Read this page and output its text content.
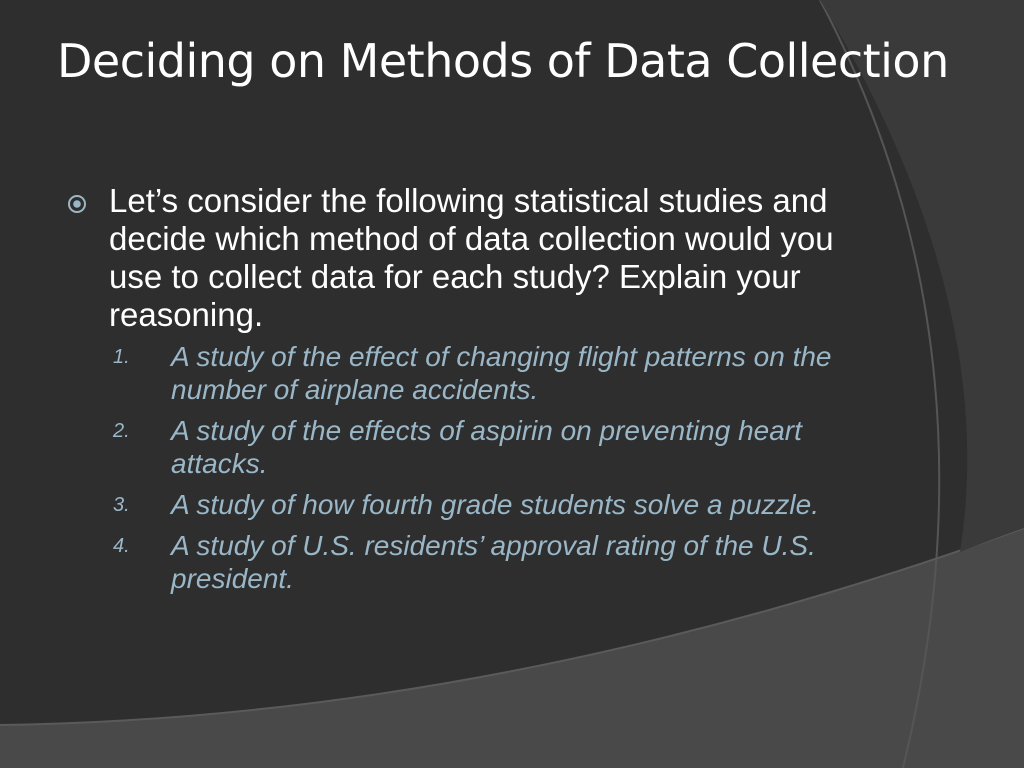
Deciding on Methods of Data Collection

Let’s consider the following statistical studies and decide which method of data collection would you use to collect data for each study? Explain your reasoning.

1. A study of the effect of changing flight patterns on the number of airplane accidents.
2. A study of the effects of aspirin on preventing heart attacks.
3. A study of how fourth grade students solve a puzzle.
4. A study of U.S. residents’ approval rating of the U.S. president.
